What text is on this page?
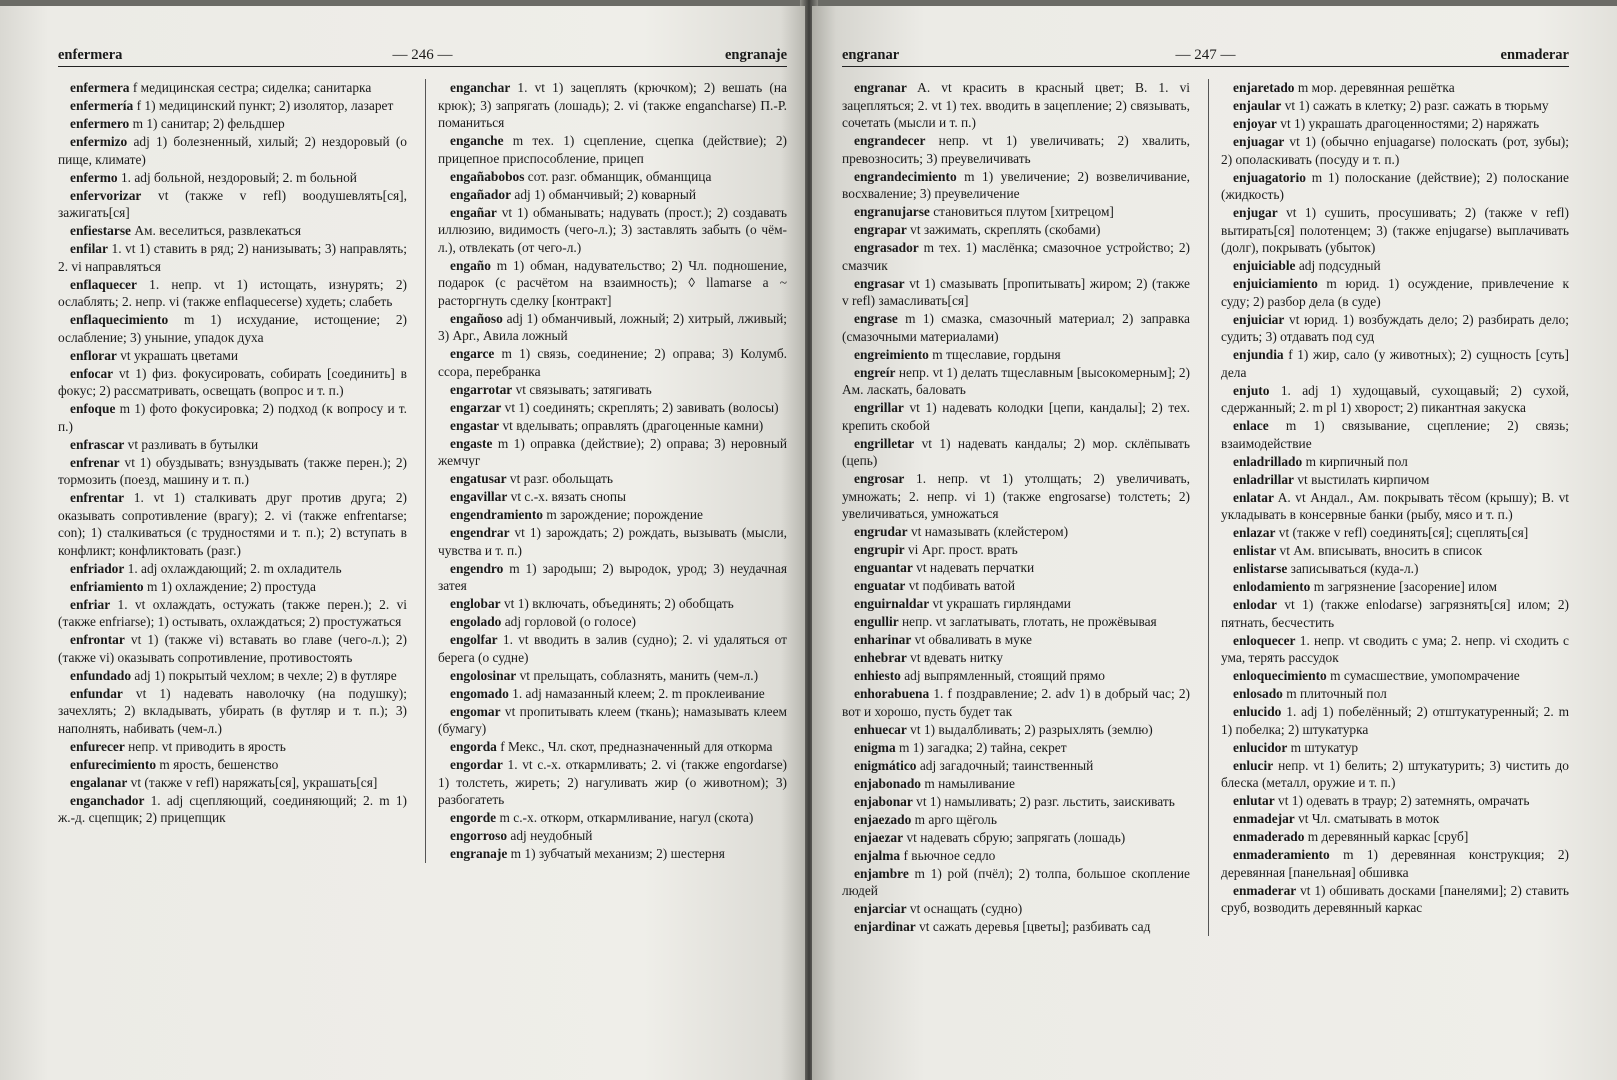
enfermera	— 246 —	engranaje
enfermera f медицинская сестра; сиделка; санитарка
enfermería f 1) медицинский пункт; 2) изолятор, лазарет
enfermero m 1) санитар; 2) фельдшер
enfermizo adj 1) болезненный, хилый; 2) нездоровый (о пище, климате)
enfermo 1. adj больной, нездоровый; 2. m больной
enfervorizar vt (также v refl) воодушевлять[ся], зажигать[ся]
enfiestarse Ам. веселиться, развлекаться
enfilar 1. vt 1) ставить в ряд; 2) нанизывать; 3) направлять; 2. vi направляться
enflaquecer 1. непр. vt 1) истощать, изнурять; 2) ослаблять; 2. непр. vi (также enflaquecerse) худеть; слабеть
enflaquecimiento m 1) исхудание, истощение; 2) ослабление; 3) уныние, упадок духа
enflorar vt украшать цветами
enfocar vt 1) физ. фокусировать, собирать [соединить] в фокус; 2) рассматривать, освещать (вопрос и т. п.)
enfoque m 1) фото фокусировка; 2) подход (к вопросу и т. п.)
enfrascar vt разливать в бутылки
enfrenar vt 1) обуздывать; взнуздывать (также перен.); 2) тормозить (поезд, машину и т. п.)
enfrentar 1. vt 1) сталкивать друг против друга; 2) оказывать сопротивление (врагу); 2. vi (также enfrentarse; con); 1) сталкиваться (с трудностями и т. п.); 2) вступать в конфликт; конфликтовать (разг.)
enfriador 1. adj охлаждающий; 2. m охладитель
enfriamiento m 1) охлаждение; 2) простуда
enfriar 1. vt охлаждать, остужать (также перен.); 2. vi (также enfriarse); 1) остывать, охлаждаться; 2) простужаться
enfrontar vt 1) (также vi) вставать во главе (чего-л.); 2) (также vi) оказывать сопротивление, противостоять
enfundado adj 1) покрытый чехлом; в чехле; 2) в футляре
enfundar vt 1) надевать наволочку (на подушку); зачехлять; 2) вкладывать, убирать (в футляр и т. п.); 3) наполнять, набивать (чем-л.)
enfurecer непр. vt приводить в ярость
enfurecimiento m ярость, бешенство
engalanar vt (также v refl) наряжать[ся], украшать[ся]
enganchador 1. adj сцепляющий, соединяющий; 2. m 1) ж.-д. сцепщик; 2) прицепщик
enganchar 1. vt 1) зацеплять (крючком); 2) вешать (на крюк); 3) запрягать (лошадь); 2. vi (также engancharse) П.-Р. поманиться
enganche m тех. 1) сцепление, сцепка (действие); 2) прицепное приспособление, прицеп
engañabobos сот. разг. обманщик, обманщица
engañador adj 1) обманчивый; 2) коварный
engañar vt 1) обманывать; надувать (прост.); 2) создавать иллюзию, видимость (чего-л.); 3) заставлять забыть (о чём-л.), отвлекать (от чего-л.)
engaño m 1) обман, надувательство; 2) Чл. подношение, подарок (с расчётом на взаимность); ◊ llamarse a ~ расторгнуть сделку [контракт]
engañoso adj 1) обманчивый, ложный; 2) хитрый, лживый; 3) Арг., Авила ложный
engarce m 1) связь, соединение; 2) оправа; 3) Колумб. ссора, перебранка
engarrotar vt связывать; затягивать
engarzar vt 1) соединять; скреплять; 2) завивать (волосы)
engastar vt вделывать; оправлять (драгоценные камни)
engaste m 1) оправка (действие); 2) оправа; 3) неровный жемчуг
engatusar vt разг. обольщать
engavillar vt с.-х. вязать снопы
engendramiento m зарождение; порождение
engendrar vt 1) зарождать; 2) рождать, вызывать (мысли, чувства и т. п.)
engendro m 1) зародыш; 2) выродок, урод; 3) неудачная затея
englobar vt 1) включать, объединять; 2) обобщать
engolado adj горловой (о голосе)
engolfar 1. vt вводить в залив (судно); 2. vi удаляться от берега (о судне)
engolosinar vt прельщать, соблазнять, манить (чем-л.)
engomado 1. adj намазанный клеем; 2. m проклеивание
engomar vt пропитывать клеем (ткань); намазывать клеем (бумагу)
engorda f Мекс., Чл. скот, предназначенный для откорма
engordar 1. vt с.-х. откармливать; 2. vi (также engordarse) 1) толстеть, жиреть; 2) нагуливать жир (о животном); 3) разбогатеть
engorde m с.-х. откорм, откармливание, нагул (скота)
engorroso adj неудобный
engranaje m 1) зубчатый механизм; 2) шестерня
engranar	— 247 —	enmaderar
engranar A. vt красить в красный цвет; B. 1. vi зацепляться; 2. vt 1) тех. вводить в зацепление; 2) связывать, сочетать (мысли и т. п.)
engrandecer непр. vt 1) увеличивать; 2) хвалить, превозносить; 3) преувеличивать
engrandecimiento m 1) увеличение; 2) возвеличивание, восхваление; 3) преувеличение
engranujarse становиться плутом [хитрецом]
engrapar vt зажимать, скреплять (скобами)
engrasador m тех. 1) маслёнка; смазочное устройство; 2) смазчик
engrasar vt 1) смазывать [пропитывать] жиром; 2) (также v refl) замасливать[ся]
engrase m 1) смазка, смазочный материал; 2) заправка (смазочными материалами)
engreimiento m тщеславие, гордыня
engreír непр. vt 1) делать тщеславным [высокомерным]; 2) Ам. ласкать, баловать
engrillar vt 1) надевать колодки [цепи, кандалы]; 2) тех. крепить скобой
engrilletar vt 1) надевать кандалы; 2) мор. склёпывать (цепь)
engrosar 1. непр. vt 1) утолщать; 2) увеличивать, умножать; 2. непр. vi 1) (также engrosarse) толстеть; 2) увеличиваться, умножаться
engrudar vt намазывать (клейстером)
engrupir vi Арг. прост. врать
enguantar vt надевать перчатки
enguatar vt подбивать ватой
enguirnaldar vt украшать гирляндами
engullir непр. vt заглатывать, глотать, не прожёвывая
enharinar vt обваливать в муке
enhebrar vt вдевать нитку
enhiesto adj выпрямленный, стоящий прямо
enhorabuena 1. f поздравление; 2. adv 1) в добрый час; 2) вот и хорошо, пусть будет так
enhuecar vt 1) выдалбливать; 2) разрыхлять (землю)
enigma m 1) загадка; 2) тайна, секрет
enigmático adj загадочный; таинственный
enjabonado m намыливание
enjabonar vt 1) намыливать; 2) разг. льстить, заискивать
enjaezado m арго щёголь
enjaezar vt надевать сбрую; запрягать (лошадь)
enjalma f вьючное седло
enjambre m 1) рой (пчёл); 2) толпа, большое скопление людей
enjarciar vt оснащать (судно)
enjardinar vt сажать деревья [цветы]; разбивать сад
enjaretado m мор. деревянная решётка
enjaular vt 1) сажать в клетку; 2) разг. сажать в тюрьму
enjoyar vt 1) украшать драгоценностями; 2) наряжать
enjuagar vt 1) (обычно enjuagarse) полоскать (рот, зубы); 2) ополаскивать (посуду и т. п.)
enjuagatorio m 1) полоскание (действие); 2) полоскание (жидкость)
enjugar vt 1) сушить, просушивать; 2) (также v refl) вытирать[ся] полотенцем; 3) (также enjugarse) выплачивать (долг), покрывать (убыток)
enjuiciable adj подсудный
enjuiciamiento m юрид. 1) осуждение, привлечение к суду; 2) разбор дела (в суде)
enjuiciar vt юрид. 1) возбуждать дело; 2) разбирать дело; судить; 3) отдавать под суд
enjundia f 1) жир, сало (у животных); 2) сущность [суть] дела
enjuto 1. adj 1) худощавый, сухощавый; 2) сухой, сдержанный; 2. m pl 1) хворост; 2) пикантная закуска
enlace m 1) связывание, сцепление; 2) связь; взаимодействие
enladrillado m кирпичный пол
enladrillar vt выстилать кирпичом
enlatar A. vt Андал., Ам. покрывать тёсом (крышу); B. vt укладывать в консервные банки (рыбу, мясо и т. п.)
enlazar vt (также v refl) соединять[ся]; сцеплять[ся]
enlistar vt Ам. вписывать, вносить в список
enlistarse записываться (куда-л.)
enlodamiento m загрязнение [засорение] илом
enlodar vt 1) (также enlodarse) загрязнять[ся] илом; 2) пятнать, бесчестить
enloquecer 1. непр. vt сводить с ума; 2. непр. vi сходить с ума, терять рассудок
enloquecimiento m сумасшествие, умопомрачение
enlosado m плиточный пол
enlucido 1. adj 1) побелённый; 2) отштукатуренный; 2. m 1) побелка; 2) штукатурка
enlucidor m штукатур
enlucir непр. vt 1) белить; 2) штукатурить; 3) чистить до блеска (металл, оружие и т. п.)
enlutar vt 1) одевать в траур; 2) затемнять, омрачать
enmadejar vt Чл. сматывать в моток
enmaderado m деревянный каркас [сруб]
enmaderamiento m 1) деревянная конструкция; 2) деревянная [панельная] обшивка
enmaderar vt 1) обшивать досками [панелями]; 2) ставить сруб, возводить деревянный каркас
